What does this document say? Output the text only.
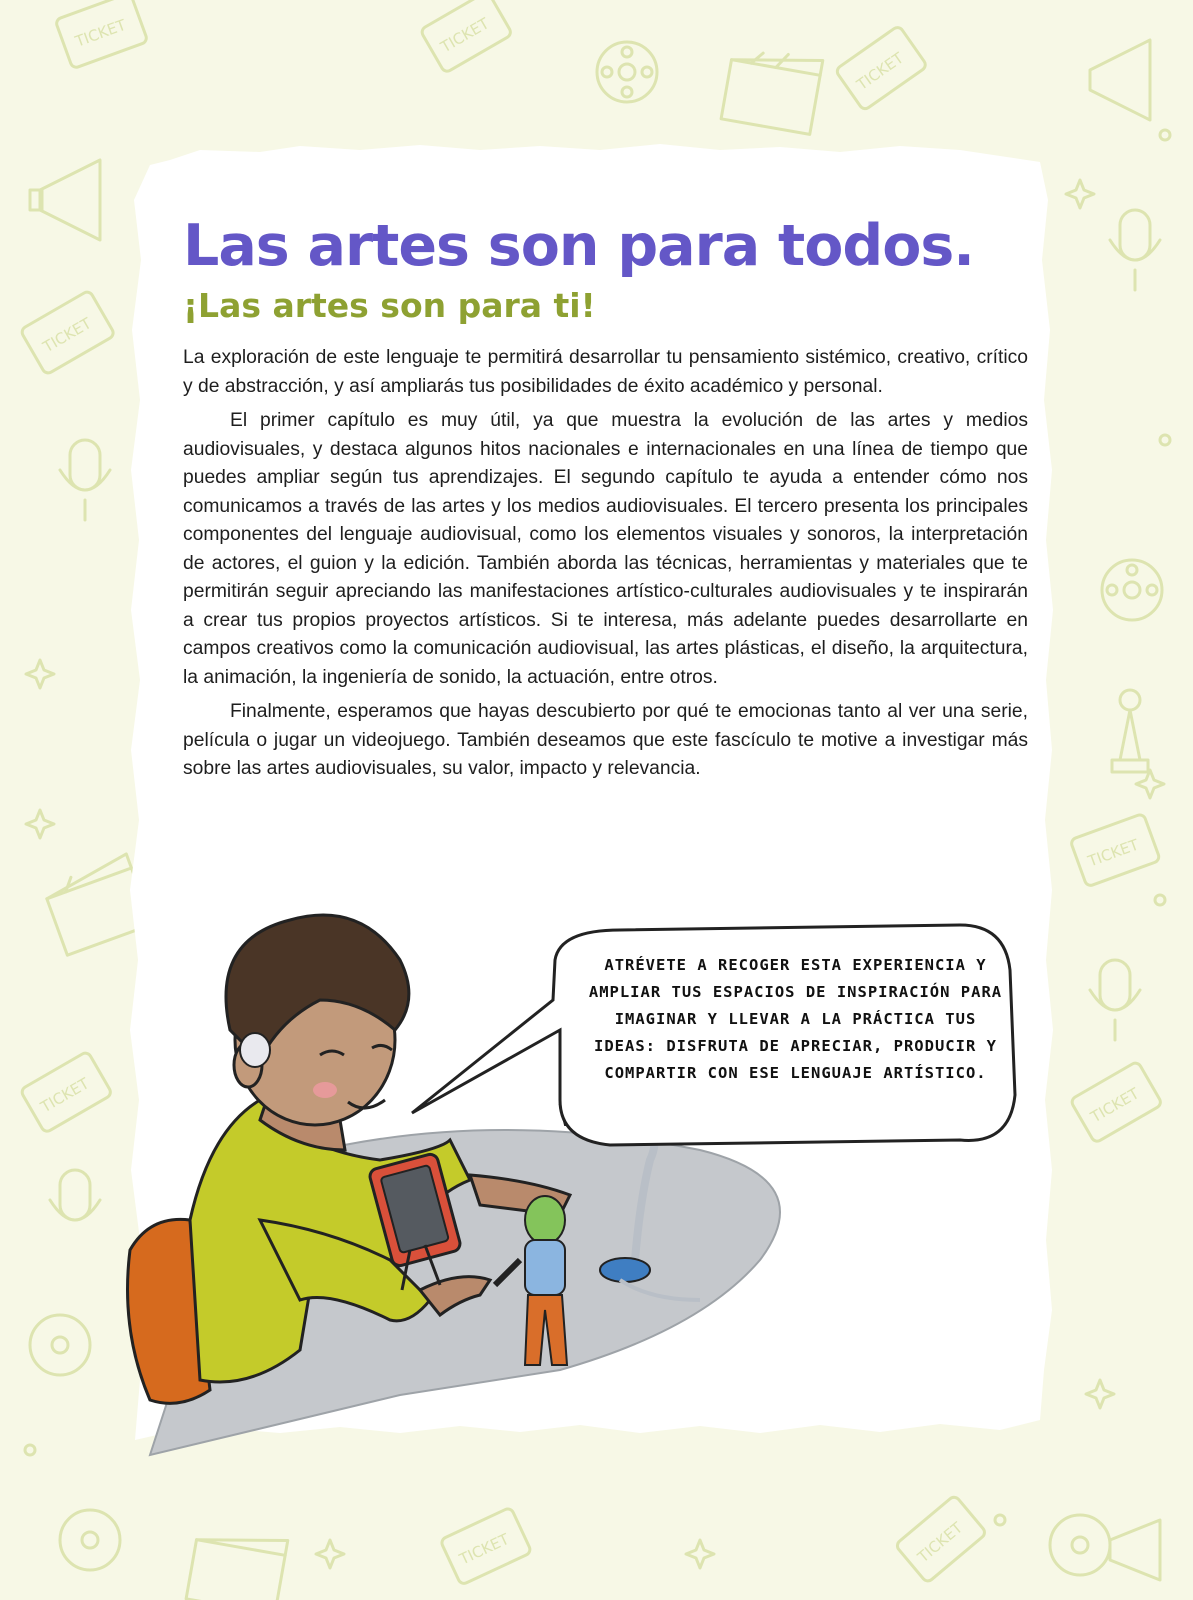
TICKET	TICKET
TICKET
TICKET
TICKET
TICKET	TICKET
TICKET	TICKET
Las artes son para todos.
¡Las artes son para ti!

La exploración de este lenguaje te permitirá desarrollar tu pensamiento sistémico, creativo, crítico y de abstracción, y así ampliarás tus posibilidades de éxito académico y personal.

El primer capítulo es muy útil, ya que muestra la evolución de las artes y medios audiovisuales, y destaca algunos hitos nacionales e internacionales en una línea de tiempo que puedes ampliar según tus aprendizajes. El segundo capítulo te ayuda a entender cómo nos comunicamos a través de las artes y los medios audiovisuales. El tercero presenta los principales componentes del lenguaje audiovisual, como los elementos visuales y sonoros, la interpretación de actores, el guion y la edición. También aborda las técnicas, herramientas y materiales que te permitirán seguir apreciando las manifestaciones artístico-culturales audiovisuales y te inspirarán a crear tus propios proyectos artísticos. Si te interesa, más adelante puedes desarrollarte en campos creativos como la comunicación audiovisual, las artes plásticas, el diseño, la arquitectura, la animación, la ingeniería de sonido, la actuación, entre otros.

Finalmente, esperamos que hayas descubierto por qué te emocionas tanto al ver una serie, película o jugar un videojuego. También deseamos que este fascículo te motive a investigar más sobre las artes audiovisuales, su valor, impacto y relevancia.

ATRÉVETE A RECOGER ESTA EXPERIENCIA Y AMPLIAR TUS ESPACIOS DE INSPIRACIÓN PARA IMAGINAR Y LLEVAR A LA PRÁCTICA TUS IDEAS: DISFRUTA DE APRECIAR, PRODUCIR Y COMPARTIR CON ESE LENGUAJE ARTÍSTICO.
